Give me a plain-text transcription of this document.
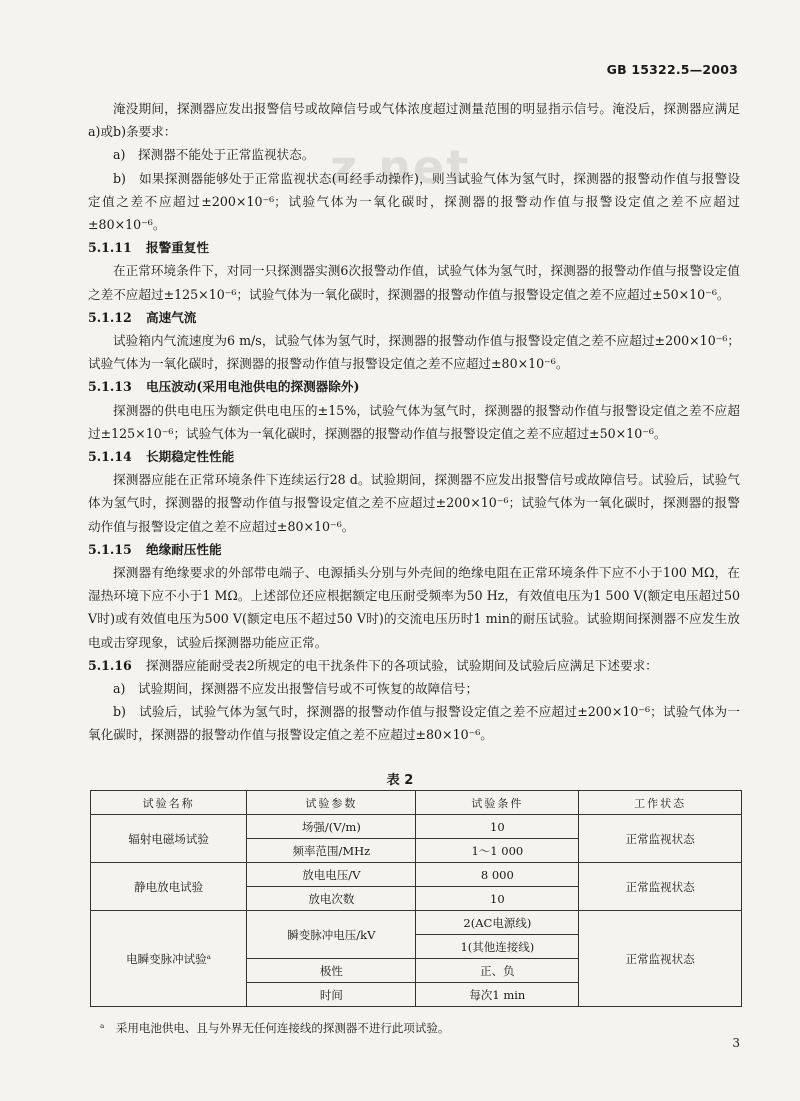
z.net
GB 15322.5—2003

淹没期间，探测器应发出报警信号或故障信号或气体浓度超过测量范围的明显指示信号。淹没后，探测器应满足a)或b)条要求：

a)　探测器不能处于正常监视状态。

b)　如果探测器能够处于正常监视状态(可经手动操作)，则当试验气体为氢气时，探测器的报警动作值与报警设定值之差不应超过±200×10⁻⁶；试验气体为一氧化碳时，探测器的报警动作值与报警设定值之差不应超过±80×10⁻⁶。

5.1.11 报警重复性

在正常环境条件下，对同一只探测器实测6次报警动作值，试验气体为氢气时，探测器的报警动作值与报警设定值之差不应超过±125×10⁻⁶；试验气体为一氧化碳时，探测器的报警动作值与报警设定值之差不应超过±50×10⁻⁶。

5.1.12 高速气流

试验箱内气流速度为6 m/s，试验气体为氢气时，探测器的报警动作值与报警设定值之差不应超过±200×10⁻⁶；试验气体为一氧化碳时，探测器的报警动作值与报警设定值之差不应超过±80×10⁻⁶。

5.1.13 电压波动(采用电池供电的探测器除外)

探测器的供电电压为额定供电电压的±15%，试验气体为氢气时，探测器的报警动作值与报警设定值之差不应超过±125×10⁻⁶；试验气体为一氧化碳时，探测器的报警动作值与报警设定值之差不应超过±50×10⁻⁶。

5.1.14 长期稳定性性能

探测器应能在正常环境条件下连续运行28 d。试验期间，探测器不应发出报警信号或故障信号。试验后，试验气体为氢气时，探测器的报警动作值与报警设定值之差不应超过±200×10⁻⁶；试验气体为一氧化碳时，探测器的报警动作值与报警设定值之差不应超过±80×10⁻⁶。

5.1.15 绝缘耐压性能

探测器有绝缘要求的外部带电端子、电源插头分别与外壳间的绝缘电阻在正常环境条件下应不小于100 MΩ，在湿热环境下应不小于1 MΩ。上述部位还应根据额定电压耐受频率为50 Hz，有效值电压为1 500 V(额定电压超过50 V时)或有效值电压为500 V(额定电压不超过50 V时)的交流电压历时1 min的耐压试验。试验期间探测器不应发生放电或击穿现象，试验后探测器功能应正常。

5.1.16 探测器应能耐受表2所规定的电干扰条件下的各项试验，试验期间及试验后应满足下述要求：

a)　试验期间，探测器不应发出报警信号或不可恢复的故障信号；

b)　试验后，试验气体为氢气时，探测器的报警动作值与报警设定值之差不应超过±200×10⁻⁶；试验气体为一氧化碳时，探测器的报警动作值与报警设定值之差不应超过±80×10⁻⁶。

表 2
试验名称	试验参数	试验条件	工作状态
辐射电磁场试验	场强/(V/m)	10	正常监视状态
	频率范围/MHz	1～1 000	
静电放电试验	放电电压/V	8 000	正常监视状态
	放电次数	10	
电瞬变脉冲试验ᵃ	瞬变脉冲电压/kV	2(AC电源线)	正常监视状态
		1(其他连接线)	
	极性	正、负	
	时间	每次1 min	
ᵃ　采用电池供电、且与外界无任何连接线的探测器不进行此项试验。
3
